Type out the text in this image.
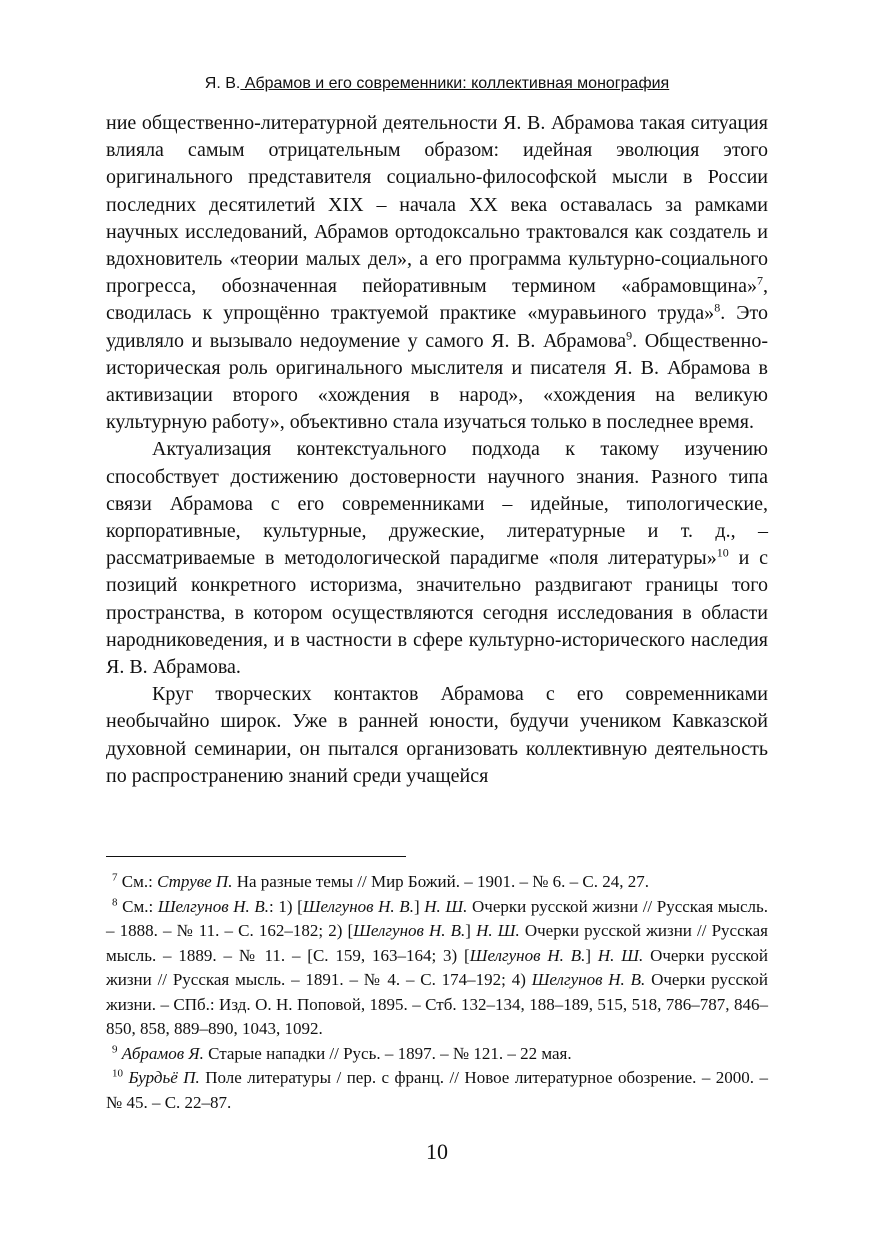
Я. В. Абрамов и его современники: коллективная монография

ние общественно-литературной деятельности Я. В. Абрамова такая ситуация влияла самым отрицательным образом: идейная эволюция этого оригинального представителя социально-философской мысли в России последних десятилетий XIX – начала XX века оставалась за рамками научных исследований, Абрамов ортодоксально трактовался как создатель и вдохновитель «теории малых дел», а его программа культурно-социального прогресса, обозначенная пейоративным термином «абрамовщина»$^7$, сводилась к упрощённо трактуемой практике «муравьиного труда»$^8$. Это удивляло и вызывало недоумение у самого Я. В. Абрамова$^9$. Общественно-историческая роль оригинального мыслителя и писателя Я. В. Абрамова в активизации второго «хождения в народ», «хождения на великую культурную работу», объективно стала изучаться только в последнее время.

Актуализация контекстуального подхода к такому изучению способствует достижению достоверности научного знания. Разного типа связи Абрамова с его современниками – идейные, типологические, корпоративные, культурные, дружеские, литературные и т. д., – рассматриваемые в методологической парадигме «поля литературы»$^{10}$ и с позиций конкретного историзма, значительно раздвигают границы того пространства, в котором осуществляются сегодня исследования в области народниковедения, и в частности в сфере культурно-исторического наследия Я. В. Абрамова.

Круг творческих контактов Абрамова с его современниками необычайно широк. Уже в ранней юности, будучи учеником Кавказской духовной семинарии, он пытался организовать коллективную деятельность по распространению знаний среди учащейся

$^7$ См.: Струве П. На разные темы // Мир Божий. – 1901. – № 6. – С. 24, 27.

$^8$ См.: Шелгунов Н. В.: 1) [Шелгунов Н. В.] Н. Ш. Очерки русской жизни // Русская мысль. – 1888. – № 11. – С. 162–182; 2) [Шелгунов Н. В.] Н. Ш. Очерки русской жизни // Русская мысль. – 1889. – № 11. – [С. 159, 163–164; 3) [Шелгунов Н. В.] Н. Ш. Очерки русской жизни // Русская мысль. – 1891. – № 4. – С. 174–192; 4) Шелгунов Н. В. Очерки русской жизни. – СПб.: Изд. О. Н. Поповой, 1895. – Стб. 132–134, 188–189, 515, 518, 786–787, 846–850, 858, 889–890, 1043, 1092.

$^9$ Абрамов Я. Старые нападки // Русь. – 1897. – № 121. – 22 мая.

$^{10}$ Бурдьё П. Поле литературы / пер. с франц. // Новое литературное обозрение. – 2000. – № 45. – С. 22–87.

10
